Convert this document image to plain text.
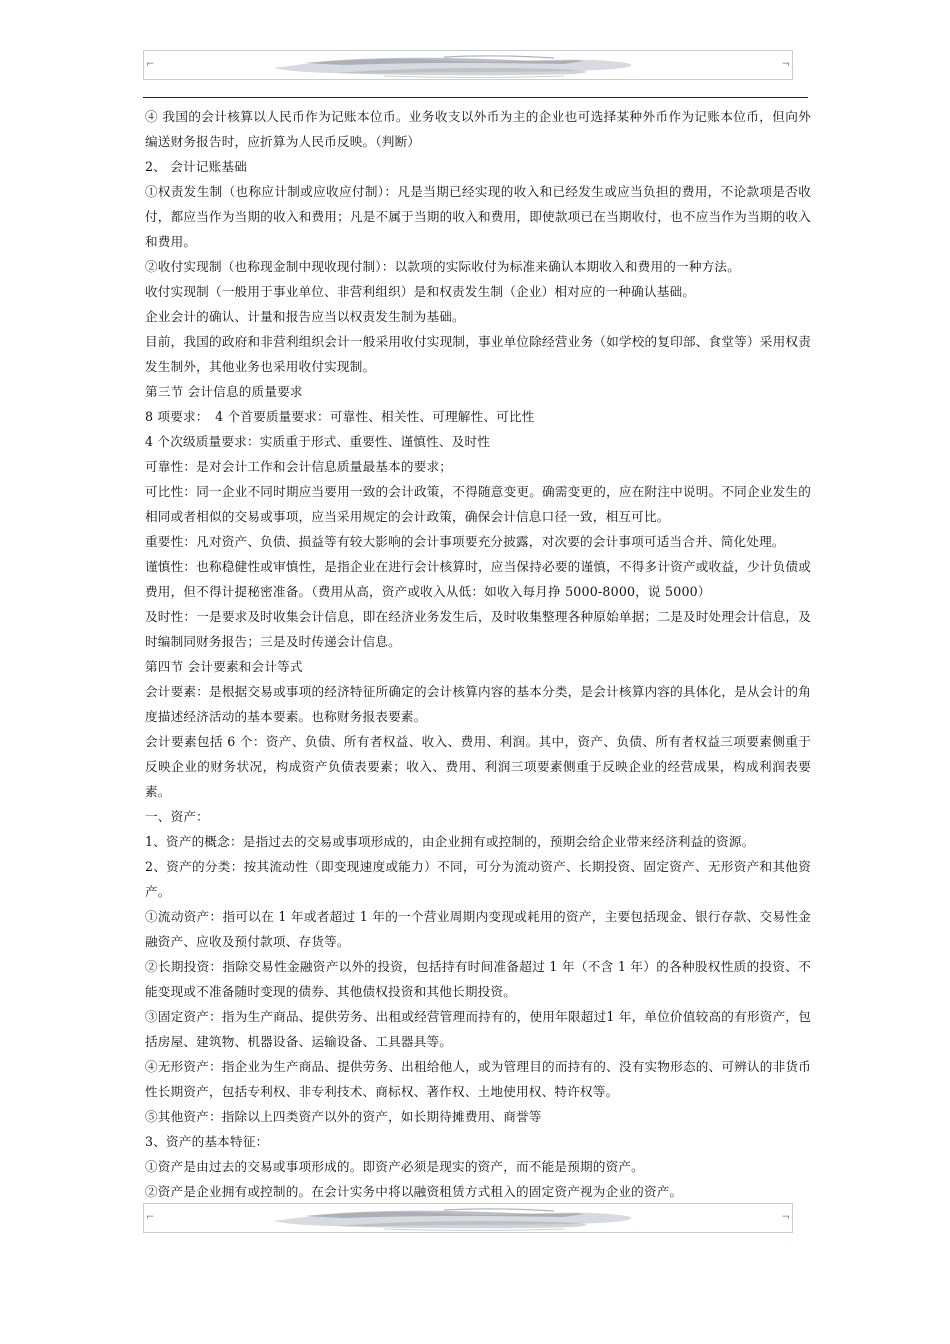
⌐	¬

④ 我国的会计核算以人民币作为记账本位币。业务收支以外币为主的企业也可选择某种外币作为记账本位币，但向外编送财务报告时，应折算为人民币反映。（判断）

2、 会计记账基础

①权责发生制（也称应计制或应收应付制）：凡是当期已经实现的收入和已经发生或应当负担的费用，不论款项是否收付，都应当作为当期的收入和费用；凡是不属于当期的收入和费用，即使款项已在当期收付，也不应当作为当期的收入和费用。

②收付实现制（也称现金制中现收现付制）：以款项的实际收付为标准来确认本期收入和费用的一种方法。

收付实现制（一般用于事业单位、非营利组织）是和权责发生制（企业）相对应的一种确认基础。

企业会计的确认、计量和报告应当以权责发生制为基础。

目前，我国的政府和非营利组织会计一般采用收付实现制，事业单位除经营业务（如学校的复印部、食堂等）采用权责发生制外，其他业务也采用收付实现制。

第三节 会计信息的质量要求

8 项要求：　4 个首要质量要求：可靠性、相关性、可理解性、可比性

4 个次级质量要求：实质重于形式、重要性、谨慎性、及时性

可靠性：是对会计工作和会计信息质量最基本的要求；

可比性：同一企业不同时期应当要用一致的会计政策，不得随意变更。确需变更的，应在附注中说明。不同企业发生的相同或者相似的交易或事项，应当采用规定的会计政策，确保会计信息口径一致，相互可比。

重要性：凡对资产、负债、损益等有较大影响的会计事项要充分披露，对次要的会计事项可适当合并、简化处理。

谨慎性：也称稳健性或审慎性，是指企业在进行会计核算时，应当保持必要的谨慎，不得多计资产或收益，少计负债或费用，但不得计提秘密准备。（费用从高，资产或收入从低：如收入每月挣 5000-8000，说 5000）

及时性：一是要求及时收集会计信息，即在经济业务发生后，及时收集整理各种原始单据；二是及时处理会计信息，及时编制同财务报告；三是及时传递会计信息。

第四节 会计要素和会计等式

会计要素：是根据交易或事项的经济特征所确定的会计核算内容的基本分类，是会计核算内容的具体化，是从会计的角度描述经济活动的基本要素。也称财务报表要素。

会计要素包括 6 个：资产、负债、所有者权益、收入、费用、利润。其中，资产、负债、所有者权益三项要素侧重于反映企业的财务状况，构成资产负债表要素；收入、费用、利润三项要素侧重于反映企业的经营成果，构成利润表要素。

一、资产：

1、资产的概念：是指过去的交易或事项形成的，由企业拥有或控制的，预期会给企业带来经济利益的资源。

2、资产的分类：按其流动性（即变现速度或能力）不同，可分为流动资产、长期投资、固定资产、无形资产和其他资产。

①流动资产：指可以在 1 年或者超过 1 年的一个营业周期内变现或耗用的资产，主要包括现金、银行存款、交易性金融资产、应收及预付款项、存货等。

②长期投资：指除交易性金融资产以外的投资，包括持有时间准备超过 1 年（不含 1 年）的各种股权性质的投资、不能变现或不准备随时变现的债券、其他债权投资和其他长期投资。

③固定资产：指为生产商品、提供劳务、出租或经营管理而持有的，使用年限超过1 年，单位价值较高的有形资产，包括房屋、建筑物、机器设备、运输设备、工具器具等。

④无形资产：指企业为生产商品、提供劳务、出租给他人，或为管理目的而持有的、没有实物形态的、可辨认的非货币性长期资产，包括专利权、非专利技术、商标权、著作权、土地使用权、特许权等。

⑤其他资产：指除以上四类资产以外的资产，如长期待摊费用、商誉等

3、资产的基本特征：

①资产是由过去的交易或事项形成的。即资产必须是现实的资产，而不能是预期的资产。

②资产是企业拥有或控制的。在会计实务中将以融资租赁方式租入的固定资产视为企业的资产。

⌐	¬
